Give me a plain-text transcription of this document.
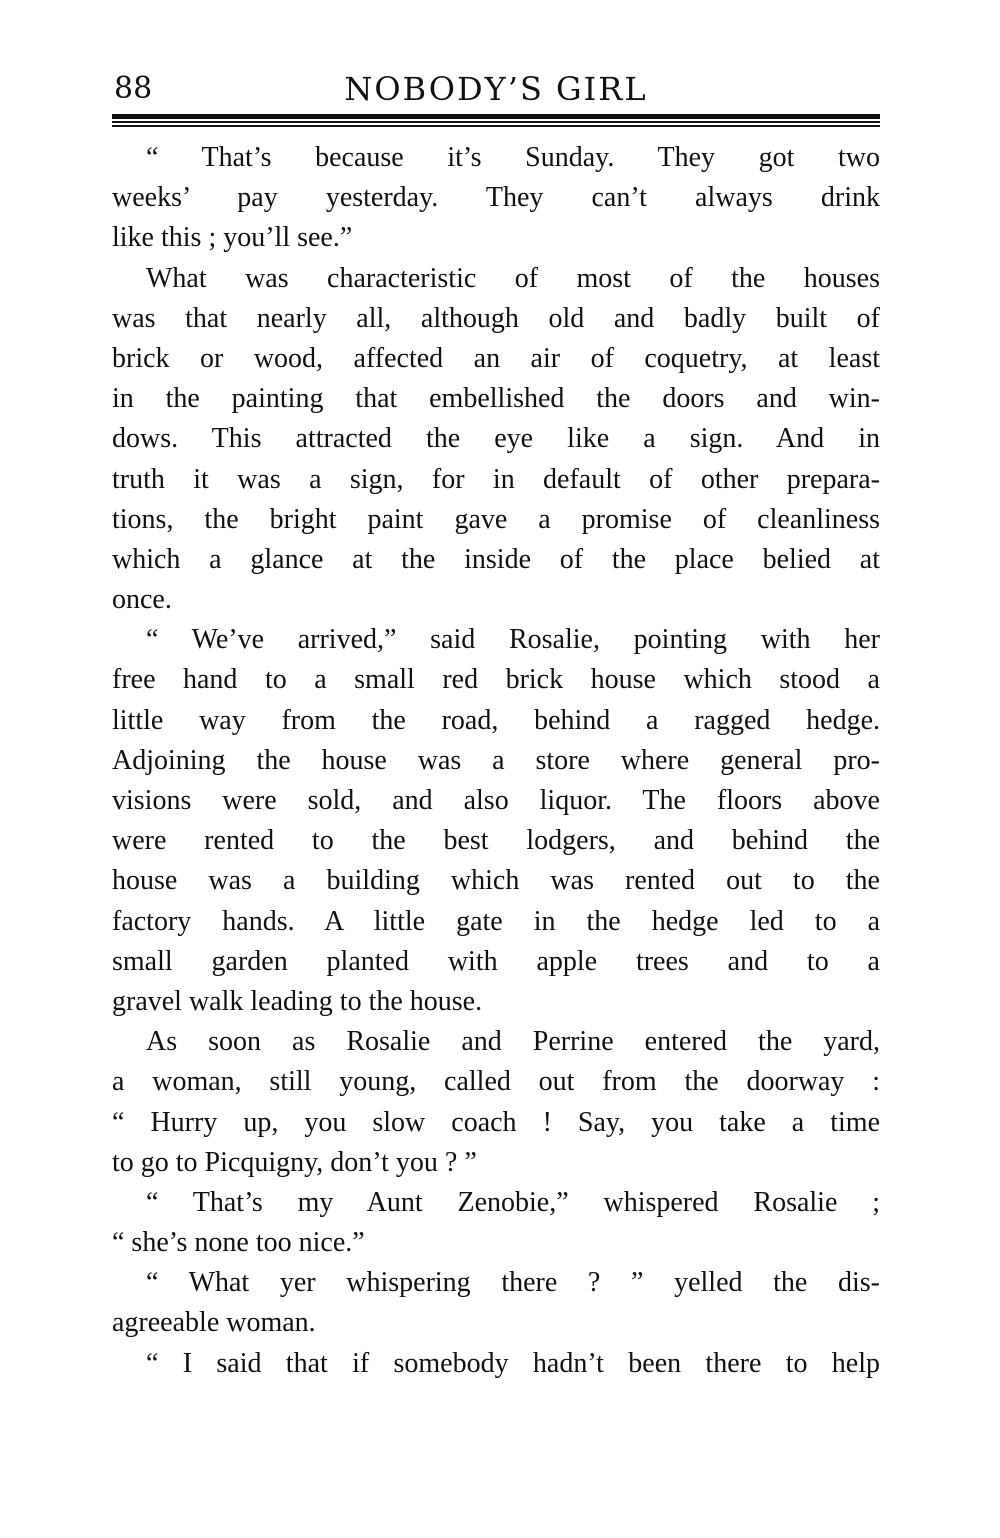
88	NOBODY’S GIRL
“ That’s because it’s Sunday. They got two
weeks’ pay yesterday. They can’t always drink
like this ; you’ll see.”
What was characteristic of most of the houses
was that nearly all, although old and badly built of
brick or wood, affected an air of coquetry, at least
in the painting that embellished the doors and win-
dows. This attracted the eye like a sign. And in
truth it was a sign, for in default of other prepara-
tions, the bright paint gave a promise of cleanliness
which a glance at the inside of the place belied at
once.
“ We’ve arrived,” said Rosalie, pointing with her
free hand to a small red brick house which stood a
little way from the road, behind a ragged hedge.
Adjoining the house was a store where general pro-
visions were sold, and also liquor. The floors above
were rented to the best lodgers, and behind the
house was a building which was rented out to the
factory hands. A little gate in the hedge led to a
small garden planted with apple trees and to a
gravel walk leading to the house.
As soon as Rosalie and Perrine entered the yard,
a woman, still young, called out from the doorway :
“ Hurry up, you slow coach ! Say, you take a time
to go to Picquigny, don’t you ? ”
“ That’s my Aunt Zenobie,” whispered Rosalie ;
“ she’s none too nice.”
“ What yer whispering there ? ” yelled the dis-
agreeable woman.
“ I said that if somebody hadn’t been there to help
